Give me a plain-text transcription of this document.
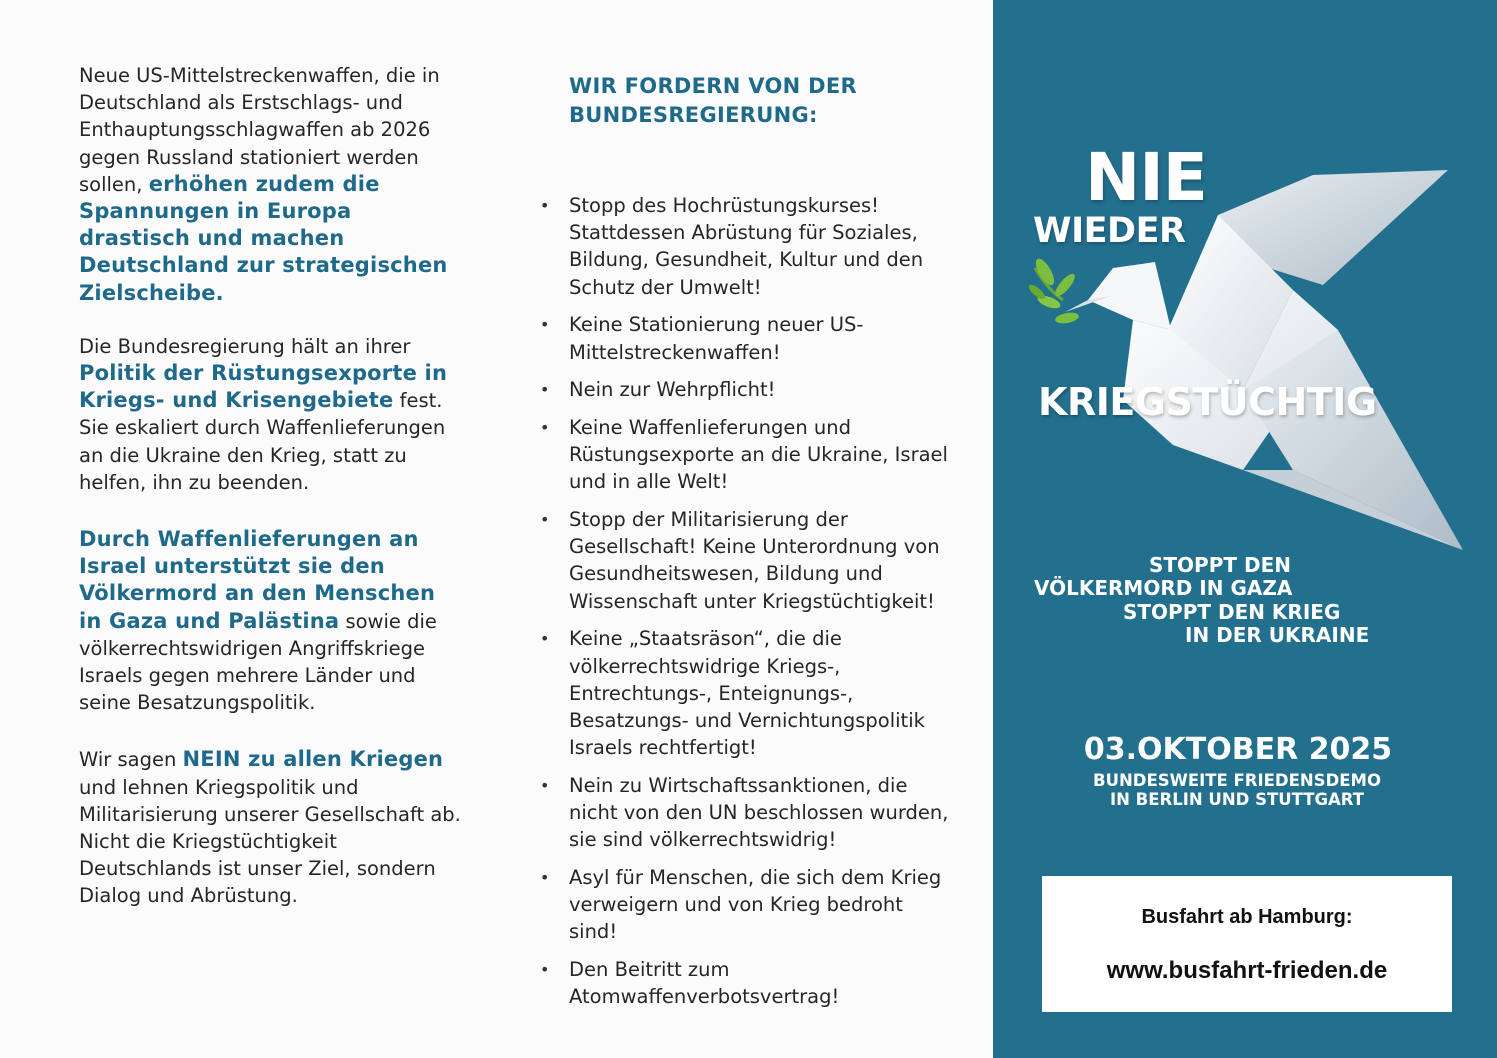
Neue US-Mittelstreckenwaffen, die in Deutschland als Erstschlags- und Enthauptungsschlagwaffen ab 2026 gegen Russland stationiert werden sollen, erhöhen zudem die Spannungen in Europa drastisch und machen Deutschland zur strategischen Zielscheibe.

Die Bundesregierung hält an ihrer Politik der Rüstungsexporte in Kriegs- und Krisengebiete fest. Sie eskaliert durch Waffenlieferungen an die Ukraine den Krieg, statt zu helfen, ihn zu beenden.

Durch Waffenlieferungen an Israel unterstützt sie den Völkermord an den Menschen in Gaza und Palästina sowie die völkerrechtswidrigen Angriffskriege Israels gegen mehrere Länder und seine Besatzungspolitik.

Wir sagen NEIN zu allen Kriegen und lehnen Kriegspolitik und Militarisierung unserer Gesellschaft ab. Nicht die Kriegstüchtigkeit Deutschlands ist unser Ziel, sondern Dialog und Abrüstung.

WIR FORDERN VON DER
BUNDESREGIERUNG:

• Stopp des Hochrüstungskurses! Stattdessen Abrüstung für Soziales, Bildung, Gesundheit, Kultur und den Schutz der Umwelt!
• Keine Stationierung neuer US-Mittelstreckenwaffen!
• Nein zur Wehrpflicht!
• Keine Waffenlieferungen und Rüstungsexporte an die Ukraine, Israel und in alle Welt!
• Stopp der Militarisierung der Gesellschaft! Keine Unterordnung von Gesundheitswesen, Bildung und Wissenschaft unter Kriegstüchtigkeit!
• Keine „Staatsräson“, die die völkerrechtswidrige Kriegs-, Entrechtungs-, Enteignungs-, Besatzungs- und Vernichtungspolitik Israels rechtfertigt!
• Nein zu Wirtschaftssanktionen, die nicht von den UN beschlossen wurden, sie sind völkerrechtswidrig!
• Asyl für Menschen, die sich dem Krieg verweigern und von Krieg bedroht sind!
• Den Beitritt zum Atomwaffenverbotsvertrag!
NIE
WIEDER
KRIEGSTÜCHTIG
STOPPT DEN
VÖLKERMORD IN GAZA
STOPPT DEN KRIEG
IN DER UKRAINE
03.OKTOBER 2025
BUNDESWEITE FRIEDENSDEMO
IN BERLIN UND STUTTGART
Busfahrt ab Hamburg:
www.busfahrt-frieden.de
